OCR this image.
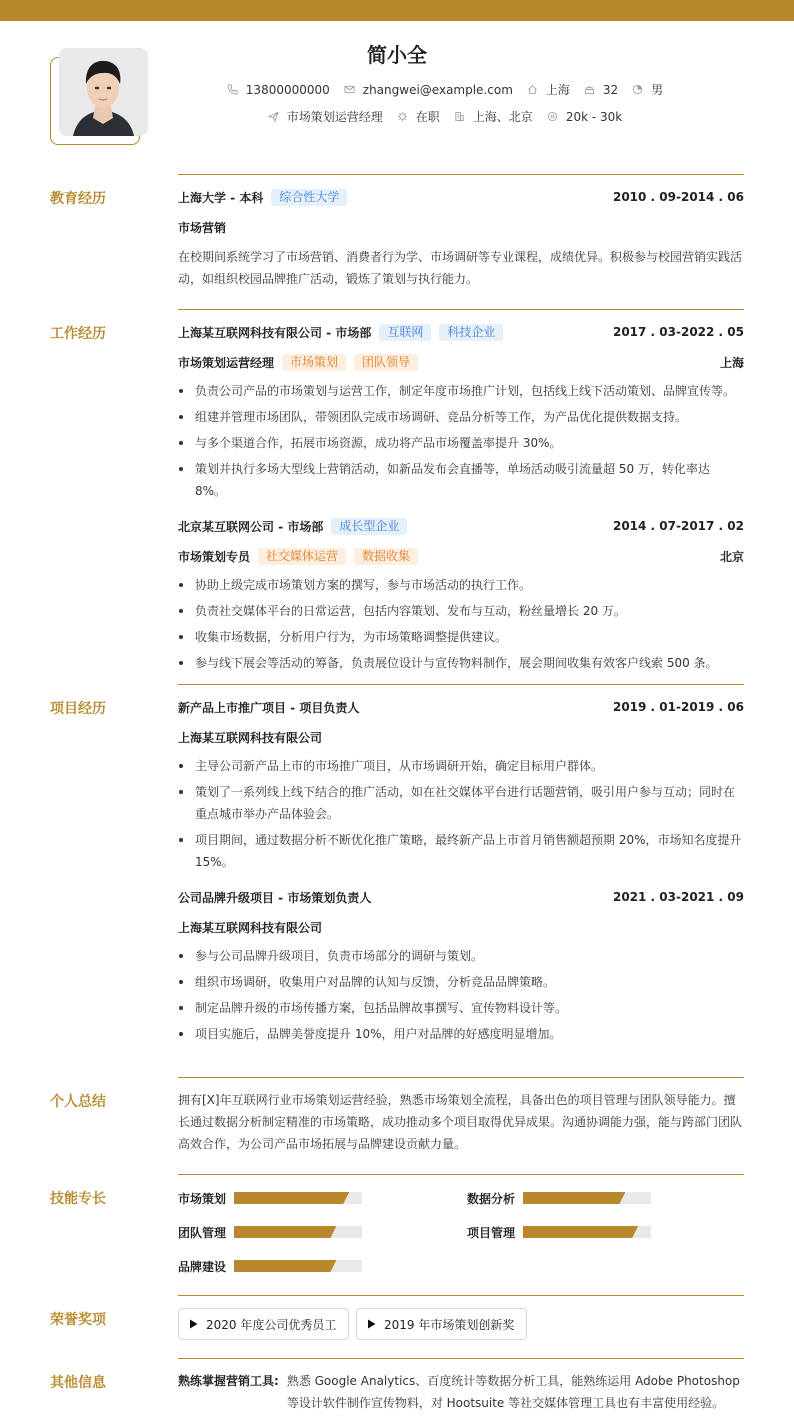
简小全
13800000000	zhangwei@example.com	上海	32	男
市场策划运营经理	在职	上海、北京	20k - 30k
教育经历	上海大学 - 本科	综合性大学	2010 . 09-2014 . 06
市场营销
在校期间系统学习了市场营销、消费者行为学、市场调研等专业课程，成绩优异。积极参与校园营销实践活动，如组织校园品牌推广活动，锻炼了策划与执行能力。
工作经历	上海某互联网科技有限公司 - 市场部	互联网	科技企业	2017 . 03-2022 . 05
市场策划运营经理	市场策划	团队领导	上海
负责公司产品的市场策划与运营工作，制定年度市场推广计划，包括线上线下活动策划、品牌宣传等。
组建并管理市场团队，带领团队完成市场调研、竞品分析等工作，为产品优化提供数据支持。
与多个渠道合作，拓展市场资源，成功将产品市场覆盖率提升 30%。
策划并执行多场大型线上营销活动，如新品发布会直播等，单场活动吸引流量超 50 万，转化率达 8%。
北京某互联网公司 - 市场部	成长型企业	2014 . 07-2017 . 02
市场策划专员	社交媒体运营	数据收集	北京
协助上级完成市场策划方案的撰写，参与市场活动的执行工作。
负责社交媒体平台的日常运营，包括内容策划、发布与互动，粉丝量增长 20 万。
收集市场数据，分析用户行为，为市场策略调整提供建议。
参与线下展会等活动的筹备，负责展位设计与宣传物料制作，展会期间收集有效客户线索 500 条。
项目经历	新产品上市推广项目 - 项目负责人	2019 . 01-2019 . 06
上海某互联网科技有限公司
主导公司新产品上市的市场推广项目，从市场调研开始，确定目标用户群体。
策划了一系列线上线下结合的推广活动，如在社交媒体平台进行话题营销，吸引用户参与互动；同时在重点城市举办产品体验会。
项目期间，通过数据分析不断优化推广策略，最终新产品上市首月销售额超预期 20%，市场知名度提升 15%。
公司品牌升级项目 - 市场策划负责人	2021 . 03-2021 . 09
上海某互联网科技有限公司
参与公司品牌升级项目，负责市场部分的调研与策划。
组织市场调研，收集用户对品牌的认知与反馈，分析竞品品牌策略。
制定品牌升级的市场传播方案，包括品牌故事撰写、宣传物料设计等。
项目实施后，品牌美誉度提升 10%，用户对品牌的好感度明显增加。
个人总结	拥有[X]年互联网行业市场策划运营经验，熟悉市场策划全流程，具备出色的项目管理与团队领导能力。擅长通过数据分析制定精准的市场策略，成功推动多个项目取得优异成果。沟通协调能力强，能与跨部门团队高效合作，为公司产品市场拓展与品牌建设贡献力量。
技能专长	市场策划	数据分析
团队管理	项目管理
品牌建设
荣誉奖项	2020 年度公司优秀员工	2019 年市场策划创新奖
其他信息	熟练掌握营销工具: 熟悉 Google Analytics、百度统计等数据分析工具，能熟练运用 Adobe Photoshop 等设计软件制作宣传物料，对 Hootsuite 等社交媒体管理工具也有丰富使用经验。
